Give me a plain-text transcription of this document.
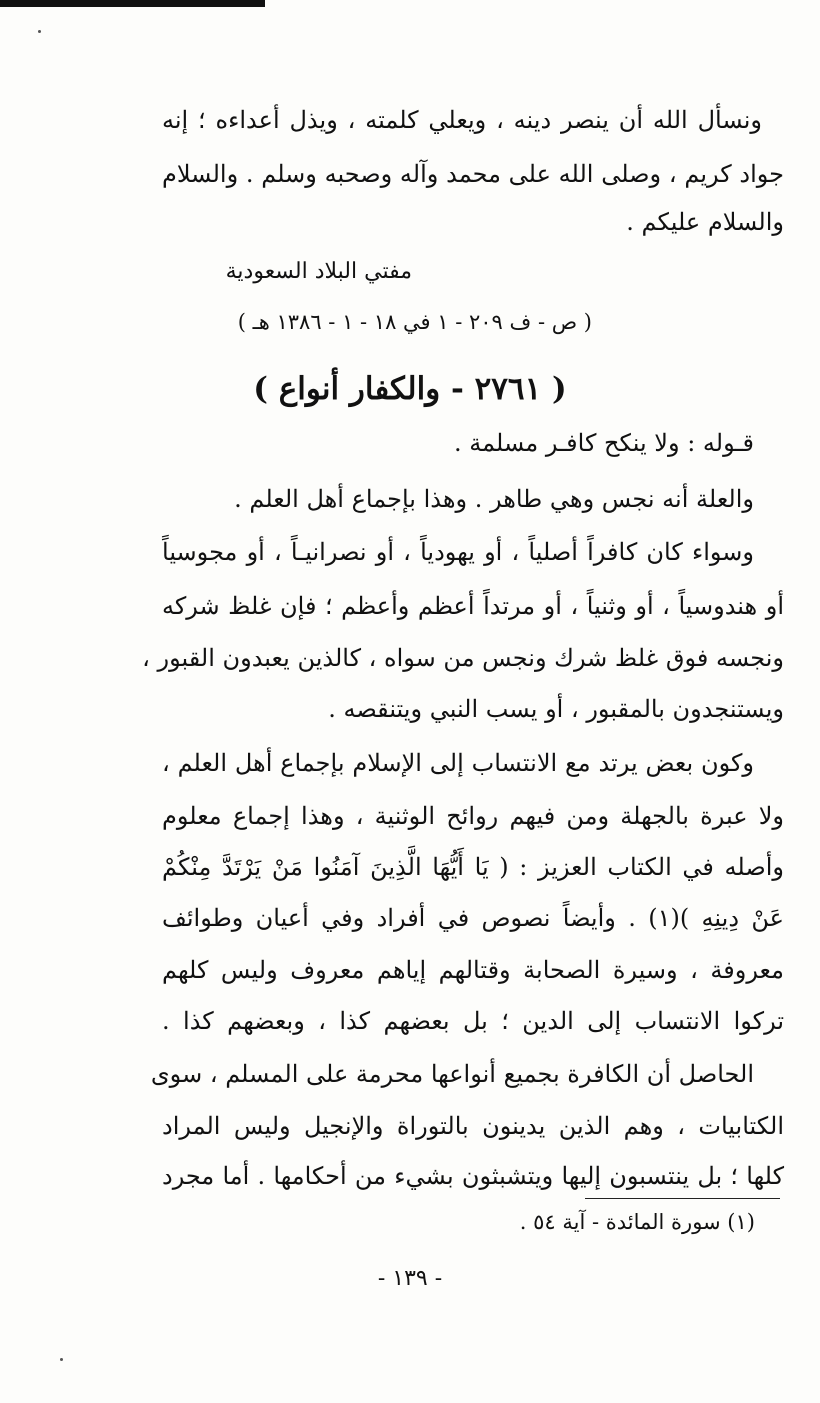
ونسأل الله أن ينصر دينه ، ويعلي كلمته ، ويذل أعداءه ؛ إنه
جواد كريم ، وصلى الله على محمد وآله وصحبه وسلم . والسلام
والسلام عليكم .
مفتي البلاد السعودية
( ص - ف ٢٠٩ - ١ في ١٨ - ١ - ١٣٨٦ هـ )
( ٢٧٦١ - والكفار أنواع )
قـوله : ولا ينكح كافـر مسلمة .
والعلة أنه نجس وهي طاهر . وهذا بإجماع أهل العلم .
وسواء كان كافراً أصلياً ، أو يهودياً ، أو نصرانيـاً ، أو مجوسياً
أو هندوسياً ، أو وثنياً ، أو مرتداً أعظم وأعظم ؛ فإن غلظ شركه
ونجسه فوق غلظ شرك ونجس من سواه ، كالذين يعبدون القبور ،
ويستنجدون بالمقبور ، أو يسب النبي ويتنقصه .
وكون بعض يرتد مع الانتساب إلى الإسلام بإجماع أهل العلم ،
ولا عبرة بالجهلة ومن فيهم روائح الوثنية ، وهذا إجماع معلوم
وأصله في الكتاب العزيز : ( يَا أَيُّهَا الَّذِينَ آمَنُوا مَنْ يَرْتَدَّ مِنْكُمْ
عَنْ دِينِهِ )(١) . وأيضاً نصوص في أفراد وفي أعيان وطوائف
معروفة ، وسيرة الصحابة وقتالهم إياهم معروف وليس كلهم
تركوا الانتساب إلى الدين ؛ بل بعضهم كذا ، وبعضهم كذا .
الحاصل أن الكافرة بجميع أنواعها محرمة على المسلم ، سوى
الكتابيات ، وهم الذين يدينون بالتوراة والإنجيل وليس المراد
كلها ؛ بل ينتسبون إليها ويتشبثون بشيء من أحكامها . أما مجرد
(١) سورة المائدة - آية ٥٤ .
- ١٣٩ -
